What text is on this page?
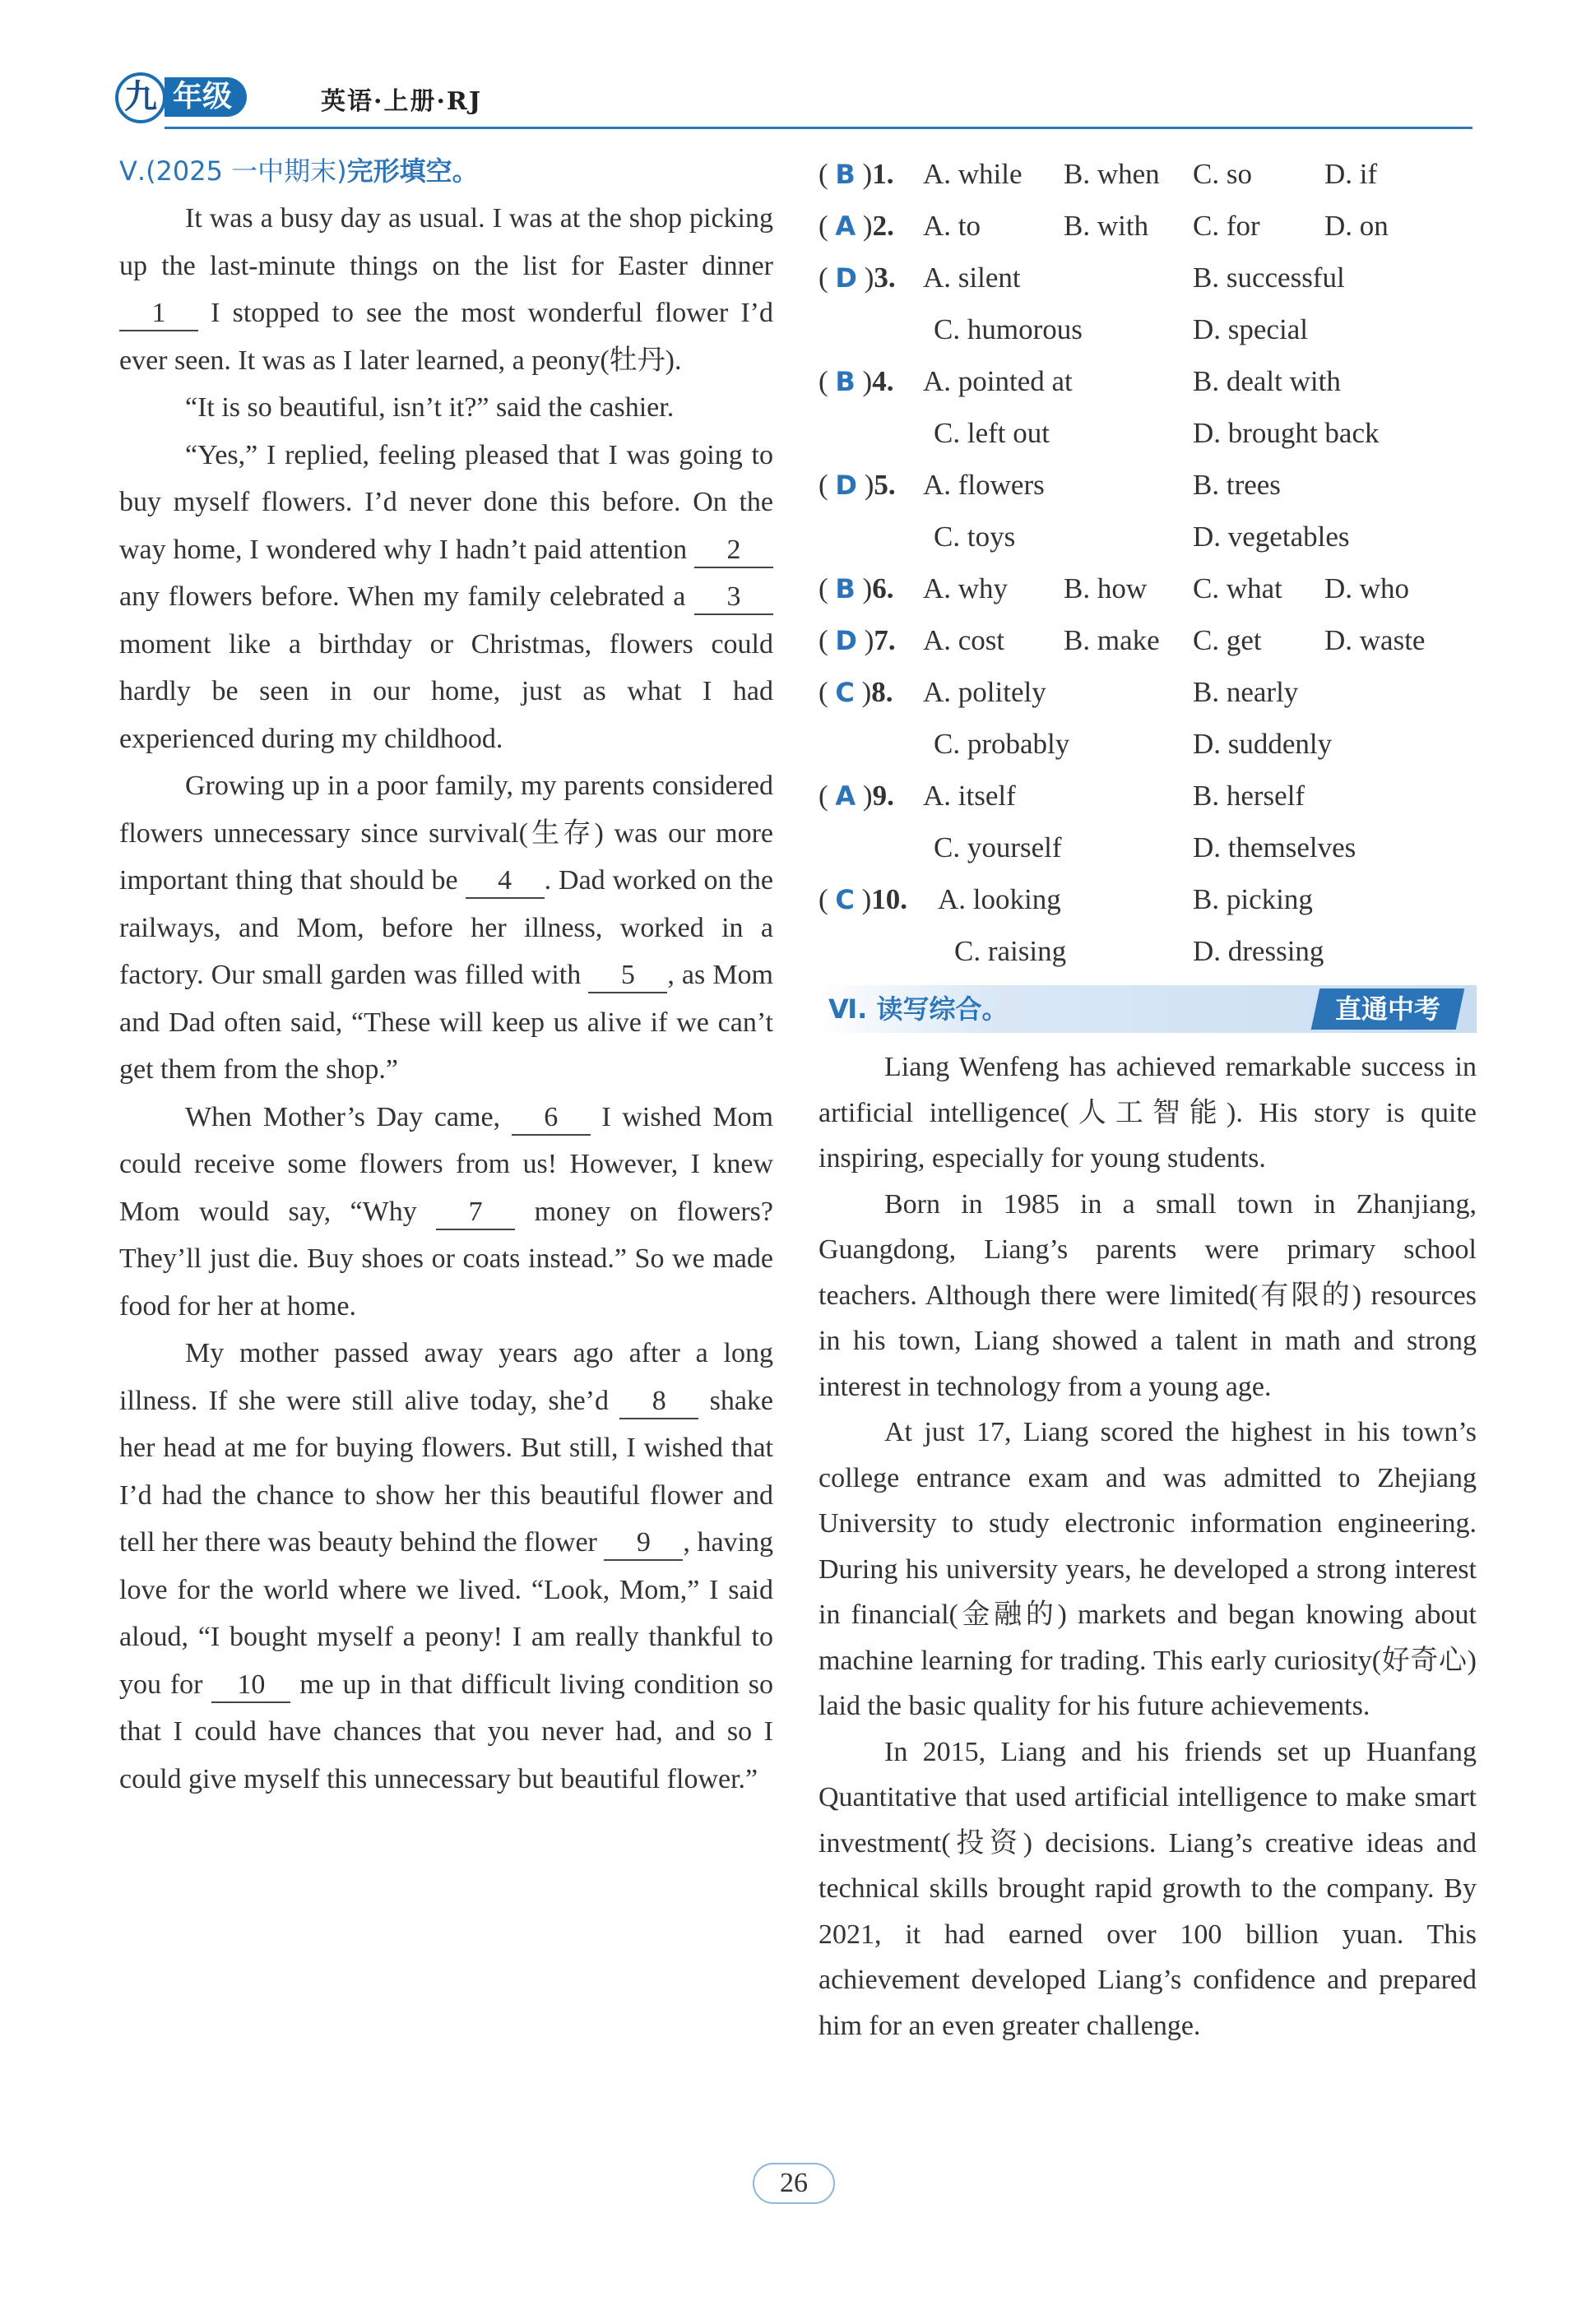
九 年级	英语·上册·RJ
Ⅴ.(2025 一中期末)完形填空。

It was a busy day as usual. I was at the shop picking up the last-minute things on the list for Easter dinner 1 I stopped to see the most wonderful flower I’d ever seen. It was as I later learned, a peony(牡丹).

“It is so beautiful, isn’t it?” said the cashier.

“Yes,” I replied, feeling pleased that I was going to buy myself flowers. I’d never done this before. On the way home, I wondered why I hadn’t paid attention 2 any flowers before. When my family celebrated a 3 moment like a birthday or Christmas, flowers could hardly be seen in our home, just as what I had experienced during my childhood.

Growing up in a poor family, my parents considered flowers unnecessary since survival(生存) was our more important thing that should be 4 . Dad worked on the railways, and Mom, before her illness, worked in a factory. Our small garden was filled with 5 , as Mom and Dad often said, “These will keep us alive if we can’t get them from the shop.”

When Mother’s Day came, 6 I wished Mom could receive some flowers from us! However, I knew Mom would say, “Why 7 money on flowers? They’ll just die. Buy shoes or coats instead.” So we made food for her at home.

My mother passed away years ago after a long illness. If she were still alive today, she’d 8 shake her head at me for buying flowers. But still, I wished that I’d had the chance to show her this beautiful flower and tell her there was beauty behind the flower 9 , having love for the world where we lived. “Look, Mom,” I said aloud, “I bought myself a peony! I am really thankful to you for 10 me up in that difficult living condition so that I could have chances that you never had, and so I could give myself this unnecessary but beautiful flower.”

( B )1. A. while B. when C. so	D. if
( A )2. A. to	B. with C. for D. on
( D )3. A. silent	B. successful
C. humorous	D. special
( B )4. A. pointed at	B. dealt with
C. left out	D. brought back
( D )5. A. flowers	B. trees
C. toys	D. vegetables
( B )6. A. why B. how C. what D. who
( D )7. A. cost B. make C. get D. waste
( C )8. A. politely	B. nearly
C. probably	D. suddenly
( A )9. A. itself	B. herself
C. yourself	D. themselves
( C )10. A. looking	B. picking
C. raising	D. dressing
Ⅵ. 读写综合。	直通中考

Liang Wenfeng has achieved remarkable success in artificial intelligence(人工智能). His story is quite inspiring, especially for young students.

Born in 1985 in a small town in Zhanjiang, Guangdong, Liang’s parents were primary school teachers. Although there were limited(有限的) resources in his town, Liang showed a talent in math and strong interest in technology from a young age.

At just 17, Liang scored the highest in his town’s college entrance exam and was admitted to Zhejiang University to study electronic information engineering. During his university years, he developed a strong interest in financial(金融的) markets and began knowing about machine learning for trading. This early curiosity(好奇心) laid the basic quality for his future achievements.

In 2015, Liang and his friends set up Huanfang Quantitative that used artificial intelligence to make smart investment(投资) decisions. Liang’s creative ideas and technical skills brought rapid growth to the company. By 2021, it had earned over 100 billion yuan. This achievement developed Liang’s confidence and prepared him for an even greater challenge.

26
